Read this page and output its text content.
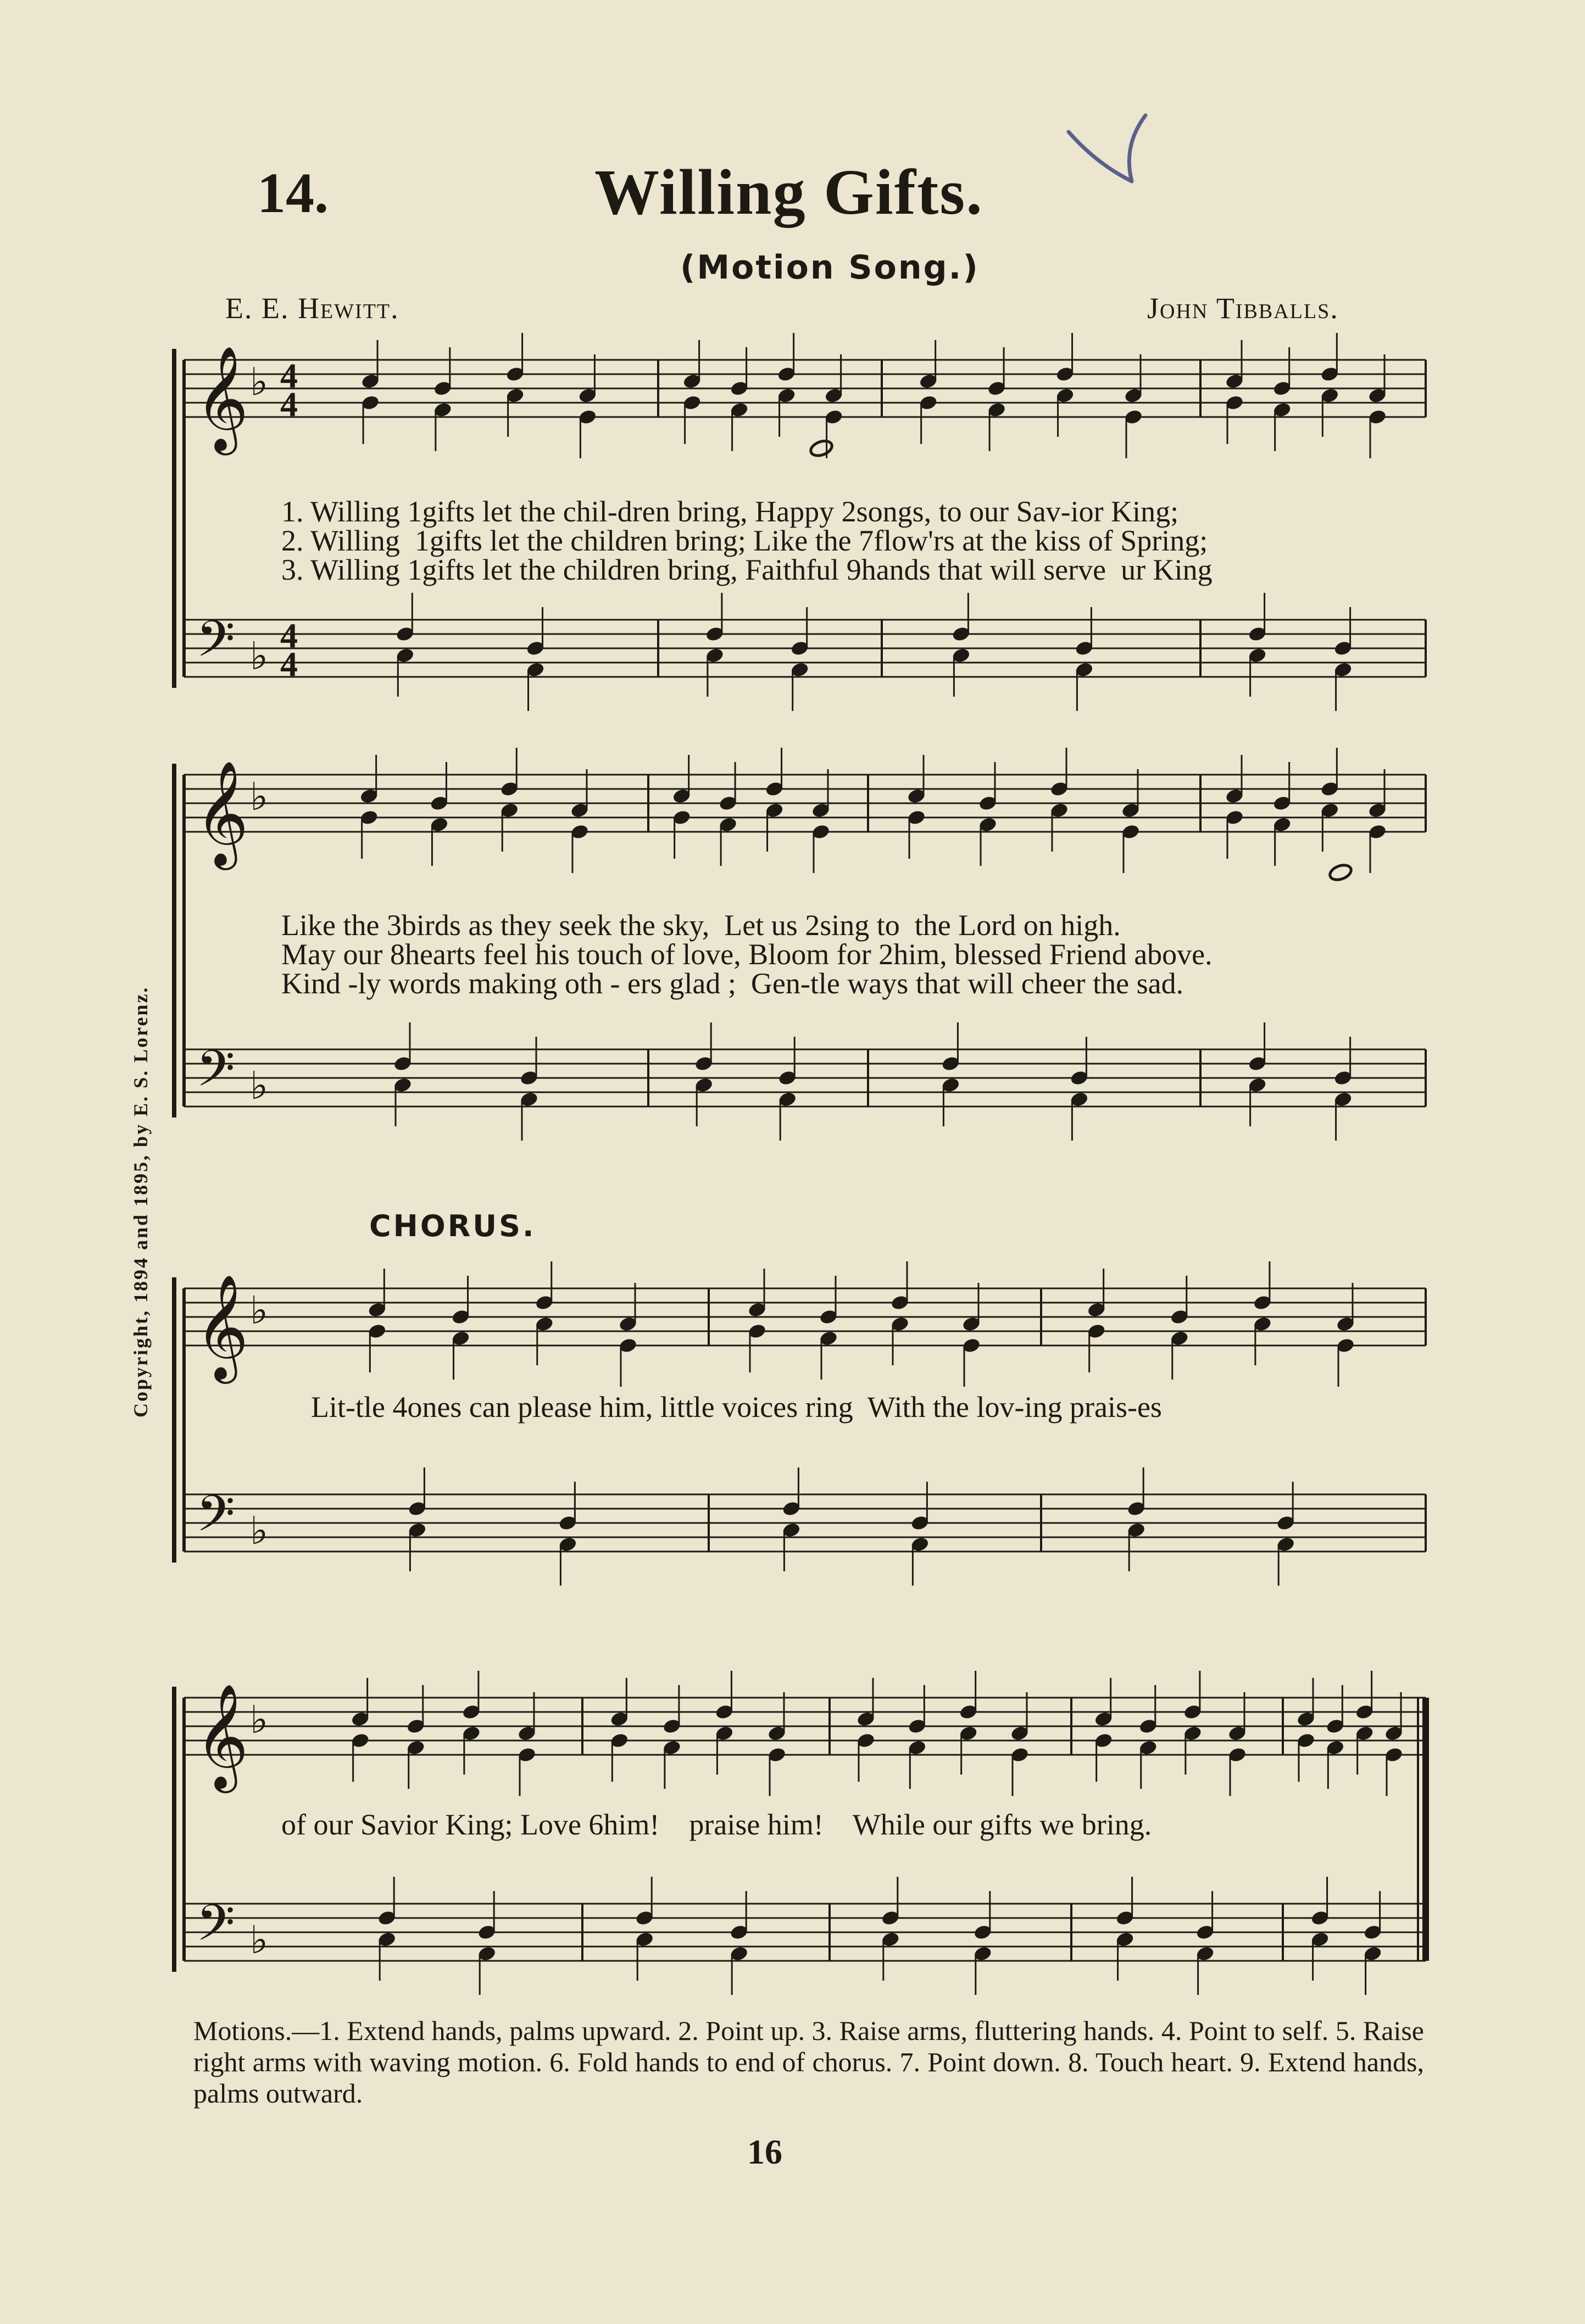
𝄞
𝄢
♭
♭
4
4
4
4
𝄞
𝄢
♭
♭
𝄞
𝄢
♭
♭
𝄞
𝄢
♭
♭
14.	Willing Gifts.
(Motion Song.)
E. E. Hewitt.	John Tibballs.
1. Willing 1gifts let the chil-dren bring, Happy 2songs, to our Sav-ior King;
2. Willing  1gifts let the children bring; Like the 7flow'rs at the kiss of Spring;
3. Willing 1gifts let the children bring, Faithful 9hands that will serve  ur King
Like the 3birds as they seek the sky,  Let us 2sing to  the Lord on high.
May our 8hearts feel his touch of love, Bloom for 2him, blessed Friend above.
Kind -ly words making oth - ers glad ;  Gen-tle ways that will cheer the sad.
CHORUS.
Lit-tle 4ones can please him, little voices ring  With the lov-ing prais-es
of our Savior King; Love 6him!    praise him!    While our gifts we bring.
Copyright, 1894 and 1895, by E. S. Lorenz.
Motions.—1. Extend hands, palms upward. 2. Point up. 3. Raise arms, fluttering hands. 4. Point to self. 5. Raise right arms with waving motion. 6. Fold hands to end of chorus. 7. Point down. 8. Touch heart. 9. Extend hands, palms outward.
16
